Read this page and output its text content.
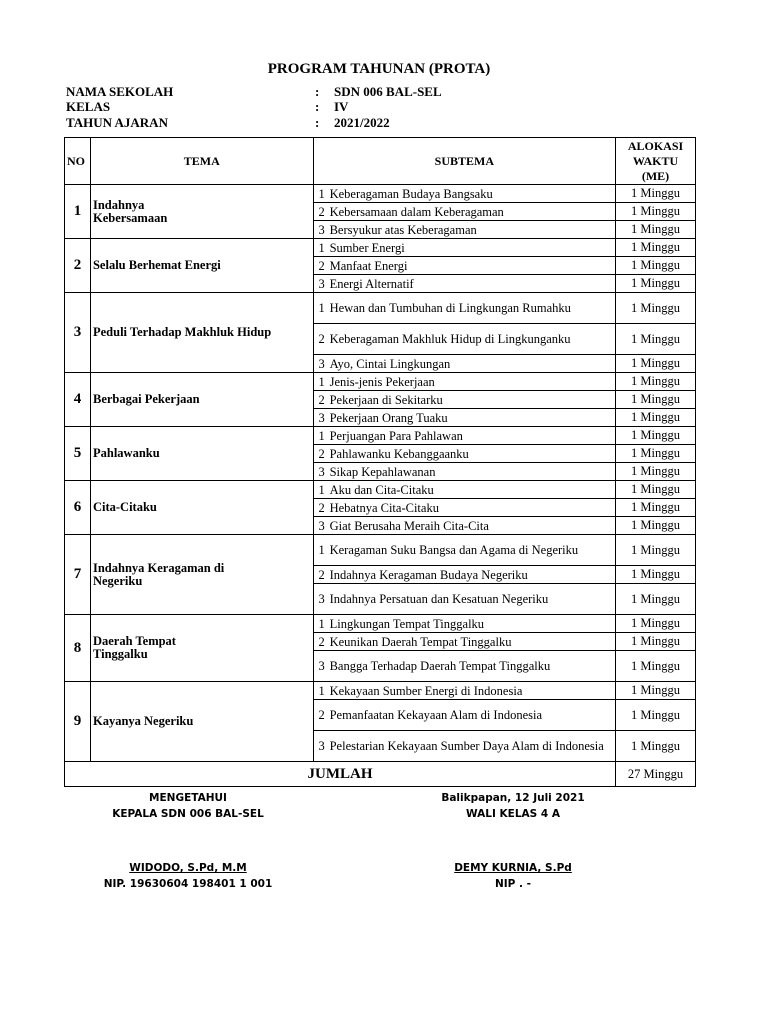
PROGRAM TAHUNAN (PROTA)
NAMA SEKOLAH	: SDN 006 BAL-SEL
KELAS	: IV
TAHUN AJARAN	: 2021/2022
NO	TEMA	SUBTEMA	ALOKASI
WAKTU
(ME)

1	Indahnya Kebersamaan	1 Keberagaman Budaya Bangsaku	1 Minggu

		2 Kebersamaan dalam Keberagaman	1 Minggu

		3 Bersyukur atas Keberagaman	1 Minggu
2	Selalu Berhemat Energi	1 Sumber Energi	1 Minggu

		2 Manfaat Energi	1 Minggu

		3 Energi Alternatif	1 Minggu
3	Peduli Terhadap Makhluk Hidup	1 Hewan dan Tumbuhan di Lingkungan Rumahku	1 Minggu

		2 Keberagaman Makhluk Hidup di Lingkunganku	1 Minggu

		3 Ayo, Cintai Lingkungan	1 Minggu
4	Berbagai Pekerjaan	1 Jenis-jenis Pekerjaan	1 Minggu

		2 Pekerjaan di Sekitarku	1 Minggu

		3 Pekerjaan Orang Tuaku	1 Minggu
5	Pahlawanku	1 Perjuangan Para Pahlawan	1 Minggu

		2 Pahlawanku Kebanggaanku	1 Minggu

		3 Sikap Kepahlawanan	1 Minggu
6	Cita-Citaku	1 Aku dan Cita-Citaku	1 Minggu

		2 Hebatnya Cita-Citaku	1 Minggu

		3 Giat Berusaha Meraih Cita-Cita	1 Minggu
7	Indahnya Keragaman di Negeriku	1 Keragaman Suku Bangsa dan Agama di Negeriku	1 Minggu

		2 Indahnya Keragaman Budaya Negeriku	1 Minggu

		3 Indahnya Persatuan dan Kesatuan Negeriku	1 Minggu
8	Daerah Tempat Tinggalku	1 Lingkungan Tempat Tinggalku	1 Minggu

		2 Keunikan Daerah Tempat Tinggalku	1 Minggu

		3 Bangga Terhadap Daerah Tempat Tinggalku	1 Minggu
9	Kayanya Negeriku	1 Kekayaan Sumber Energi di Indonesia	1 Minggu

		2 Pemanfaatan Kekayaan Alam di Indonesia	1 Minggu

		3 Pelestarian Kekayaan Sumber Daya Alam di Indonesia	1 Minggu
JUMLAH			27 Minggu
MENGETAHUI
KEPALA SDN 006 BAL-SEL
WIDODO, S.Pd, M.M
NIP. 19630604 198401 1 001
Balikpapan, 12 Juli 2021
WALI KELAS 4 A
DEMY KURNIA, S.Pd
NIP . -
